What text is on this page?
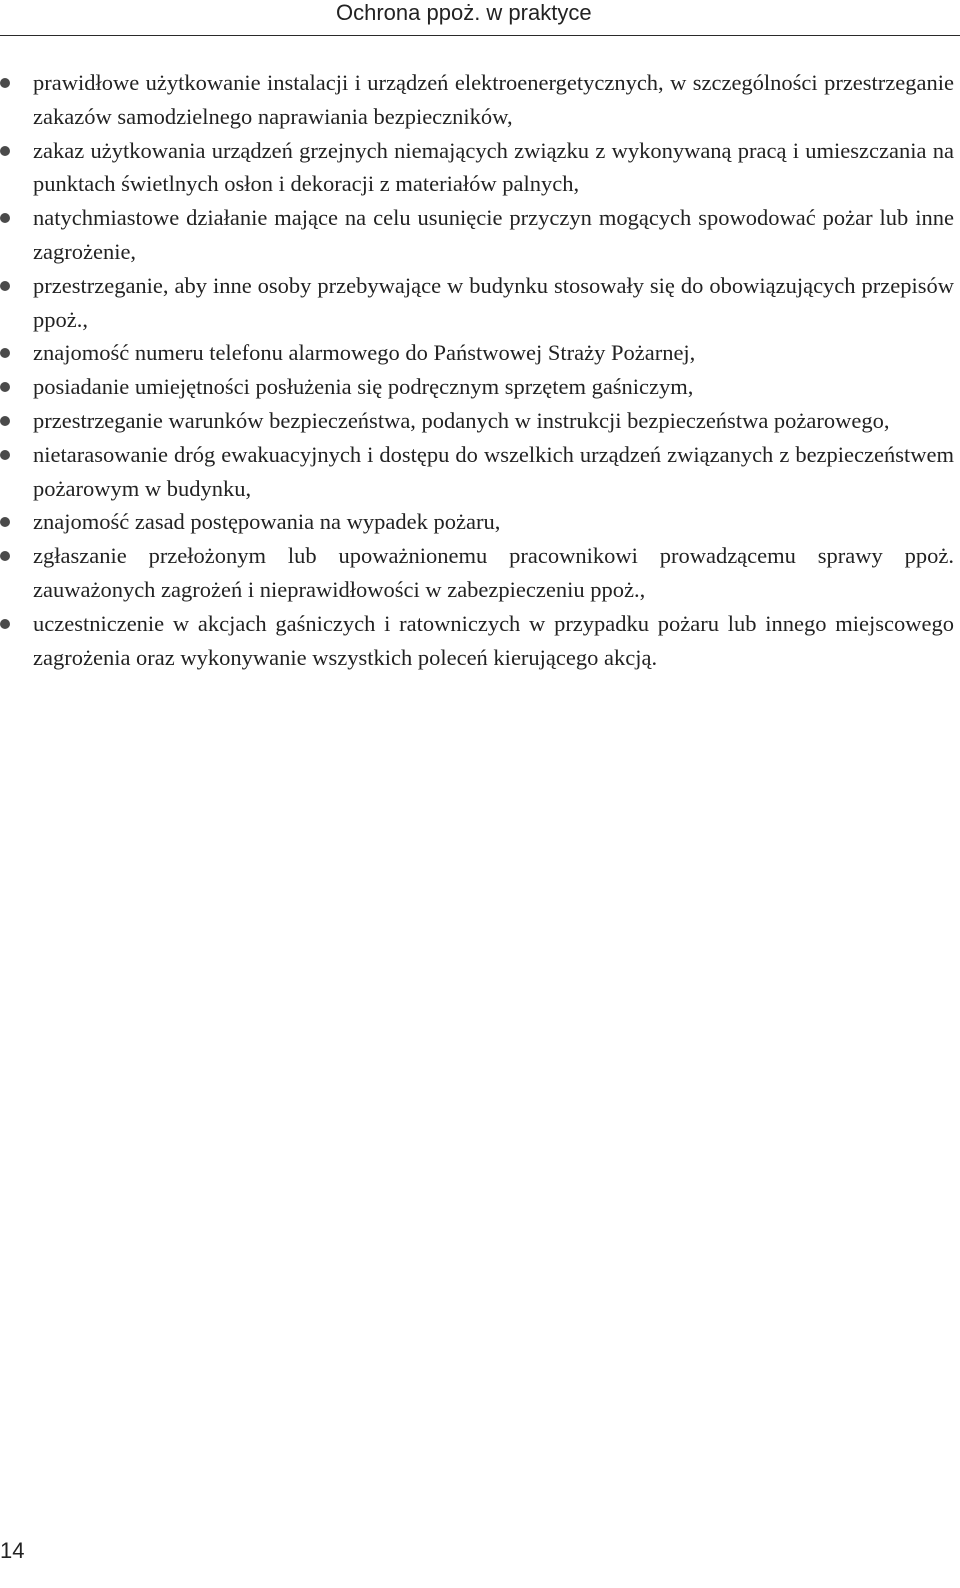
Ochrona ppoż. w praktyce
prawidłowe użytkowanie instalacji i urządzeń elektroenergetycznych, w szczególności przestrzeganie zakazów samodzielnego naprawiania bezpieczników,
zakaz użytkowania urządzeń grzejnych niemających związku z wykonywaną pracą i umieszczania na punktach świetlnych osłon i dekoracji z materiałów palnych,
natychmiastowe działanie mające na celu usunięcie przyczyn mogących spowodować pożar lub inne zagrożenie,
przestrzeganie, aby inne osoby przebywające w budynku stosowały się do obowiązujących przepisów ppoż.,
znajomość numeru telefonu alarmowego do Państwowej Straży Pożarnej,
posiadanie umiejętności posłużenia się podręcznym sprzętem gaśniczym,
przestrzeganie warunków bezpieczeństwa, podanych w instrukcji bezpieczeństwa pożarowego,
nietarasowanie dróg ewakuacyjnych i dostępu do wszelkich urządzeń związanych z bezpieczeństwem pożarowym w budynku,
znajomość zasad postępowania na wypadek pożaru,
zgłaszanie przełożonym lub upoważnionemu pracownikowi prowadzącemu sprawy ppoż. zauważonych zagrożeń i nieprawidłowości w zabezpieczeniu ppoż.,
uczestniczenie w akcjach gaśniczych i ratowniczych w przypadku pożaru lub innego miejscowego zagrożenia oraz wykonywanie wszystkich poleceń kierującego akcją.
14
